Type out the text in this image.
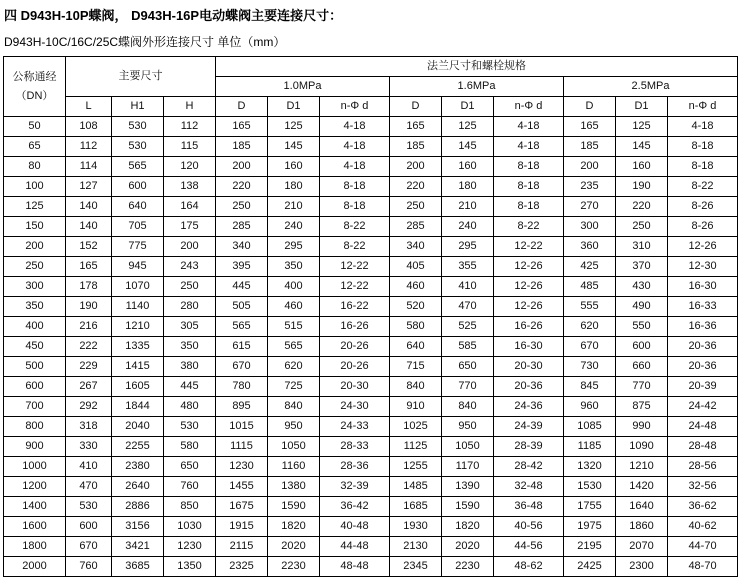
四 D943H-10P蝶阀， D943H-16P电动蝶阀主要连接尺寸：
D943H-10C/16C/25C蝶阀外形连接尺寸 单位（mm）
公称通经
（DN）	主要尺寸			法兰尺寸和螺栓规格								
				1.0MPa			1.6MPa			2.5MPa		
	L	H1	H	D	D1	n-Φ d	D	D1	n-Φ d	D	D1	n-Φ d
50	108	530	112	165	125	4-18	165	125	4-18	165	125	4-18
65	112	530	115	185	145	4-18	185	145	4-18	185	145	8-18
80	114	565	120	200	160	4-18	200	160	8-18	200	160	8-18
100	127	600	138	220	180	8-18	220	180	8-18	235	190	8-22
125	140	640	164	250	210	8-18	250	210	8-18	270	220	8-26
150	140	705	175	285	240	8-22	285	240	8-22	300	250	8-26
200	152	775	200	340	295	8-22	340	295	12-22	360	310	12-26
250	165	945	243	395	350	12-22	405	355	12-26	425	370	12-30
300	178	1070	250	445	400	12-22	460	410	12-26	485	430	16-30
350	190	1140	280	505	460	16-22	520	470	12-26	555	490	16-33
400	216	1210	305	565	515	16-26	580	525	16-26	620	550	16-36
450	222	1335	350	615	565	20-26	640	585	16-30	670	600	20-36
500	229	1415	380	670	620	20-26	715	650	20-30	730	660	20-36
600	267	1605	445	780	725	20-30	840	770	20-36	845	770	20-39
700	292	1844	480	895	840	24-30	910	840	24-36	960	875	24-42
800	318	2040	530	1015	950	24-33	1025	950	24-39	1085	990	24-48
900	330	2255	580	1115	1050	28-33	1125	1050	28-39	1185	1090	28-48
1000	410	2380	650	1230	1160	28-36	1255	1170	28-42	1320	1210	28-56
1200	470	2640	760	1455	1380	32-39	1485	1390	32-48	1530	1420	32-56
1400	530	2886	850	1675	1590	36-42	1685	1590	36-48	1755	1640	36-62
1600	600	3156	1030	1915	1820	40-48	1930	1820	40-56	1975	1860	40-62
1800	670	3421	1230	2115	2020	44-48	2130	2020	44-56	2195	2070	44-70
2000	760	3685	1350	2325	2230	48-48	2345	2230	48-62	2425	2300	48-70
